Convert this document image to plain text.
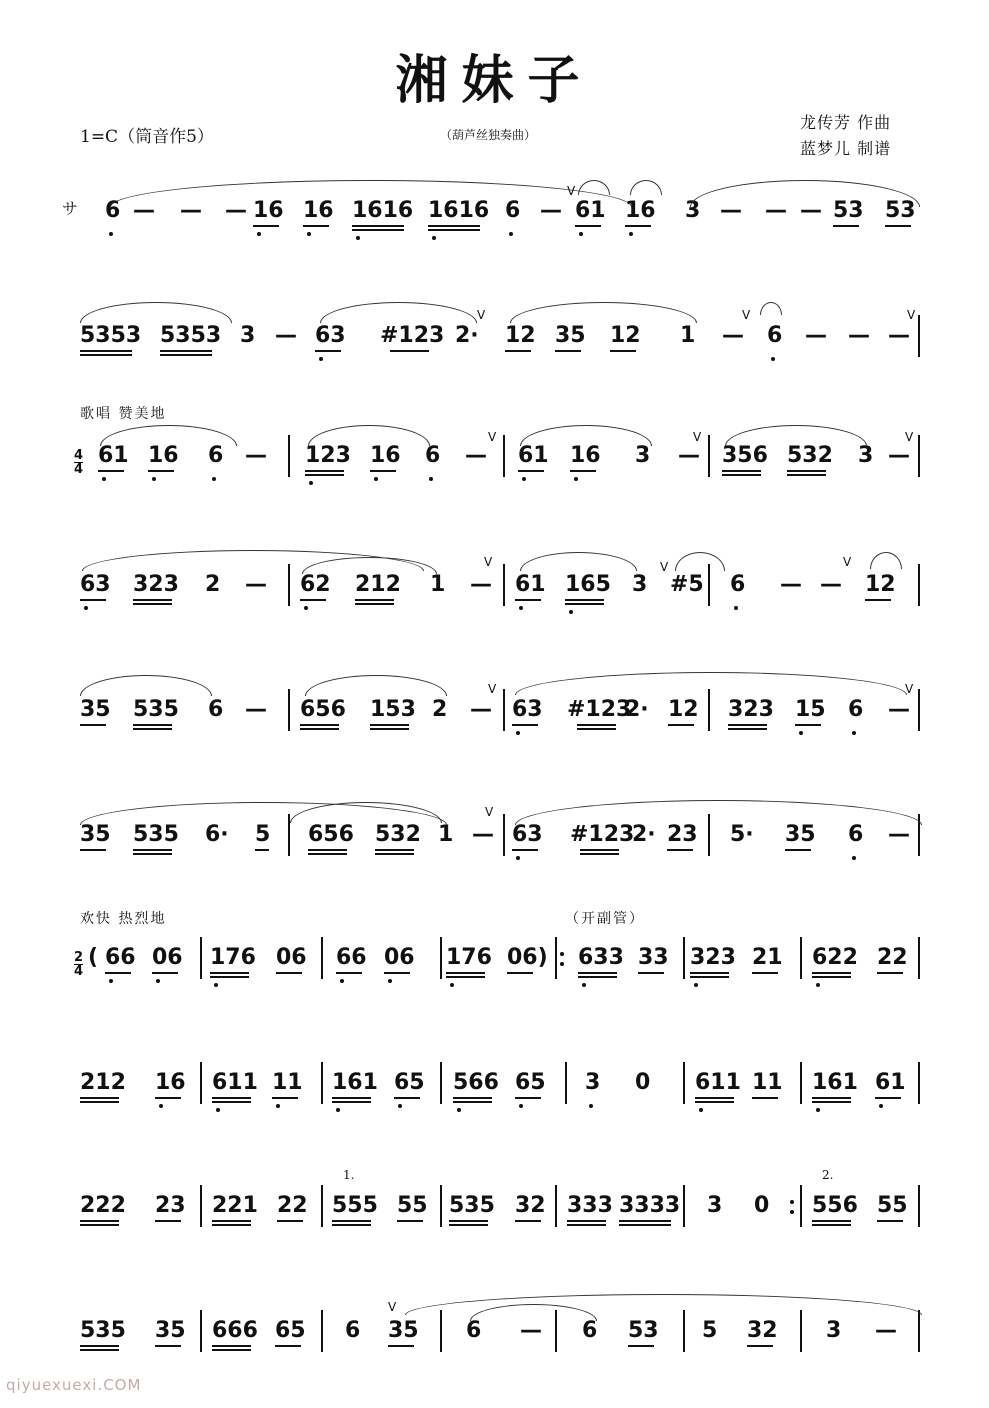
湘妹子
1=C（筒音作5）	（葫芦丝独奏曲）
龙传芳 作曲
蓝梦儿 制谱
歌唱 赞美地
欢快 热烈地	（开副管）
サ
$\frac{4}{4}$
$\frac{2}{4}$
1.	2.
6 — — — 16 16 1616 1616 6 — 61 16 3 — — — 53 53
5353 5353 3 — 63 #123 2· 12 35 12 1 — 6 — — —
61 16 6 — 123 16 6 — 61 16 3 — 356 532 3 —
63 323 2 — 62 212 1 — 61 165 3 #5 6 — — 12
35 535 6 — 656 153 2 — 63 #123
2· 12 323 15 6 —
35 535 6· 5 656 532 1 — 63 #123
2· 23 5· 35 6 —
( 66 06 176 06 66 06 176 06) 633 33 323 21 622 22
212 16 611 11 161 65 566 65 3 0 611 11 161 61
222 23 221 22 555 55 535 32 333 3333 3 0 556 55
535 35 666 65 6 35 6 — 6 53 5 32 3 —
V
V	V	V
V	V	V
V	V	V
V	V
V
V
qiyuexuexi.COM
